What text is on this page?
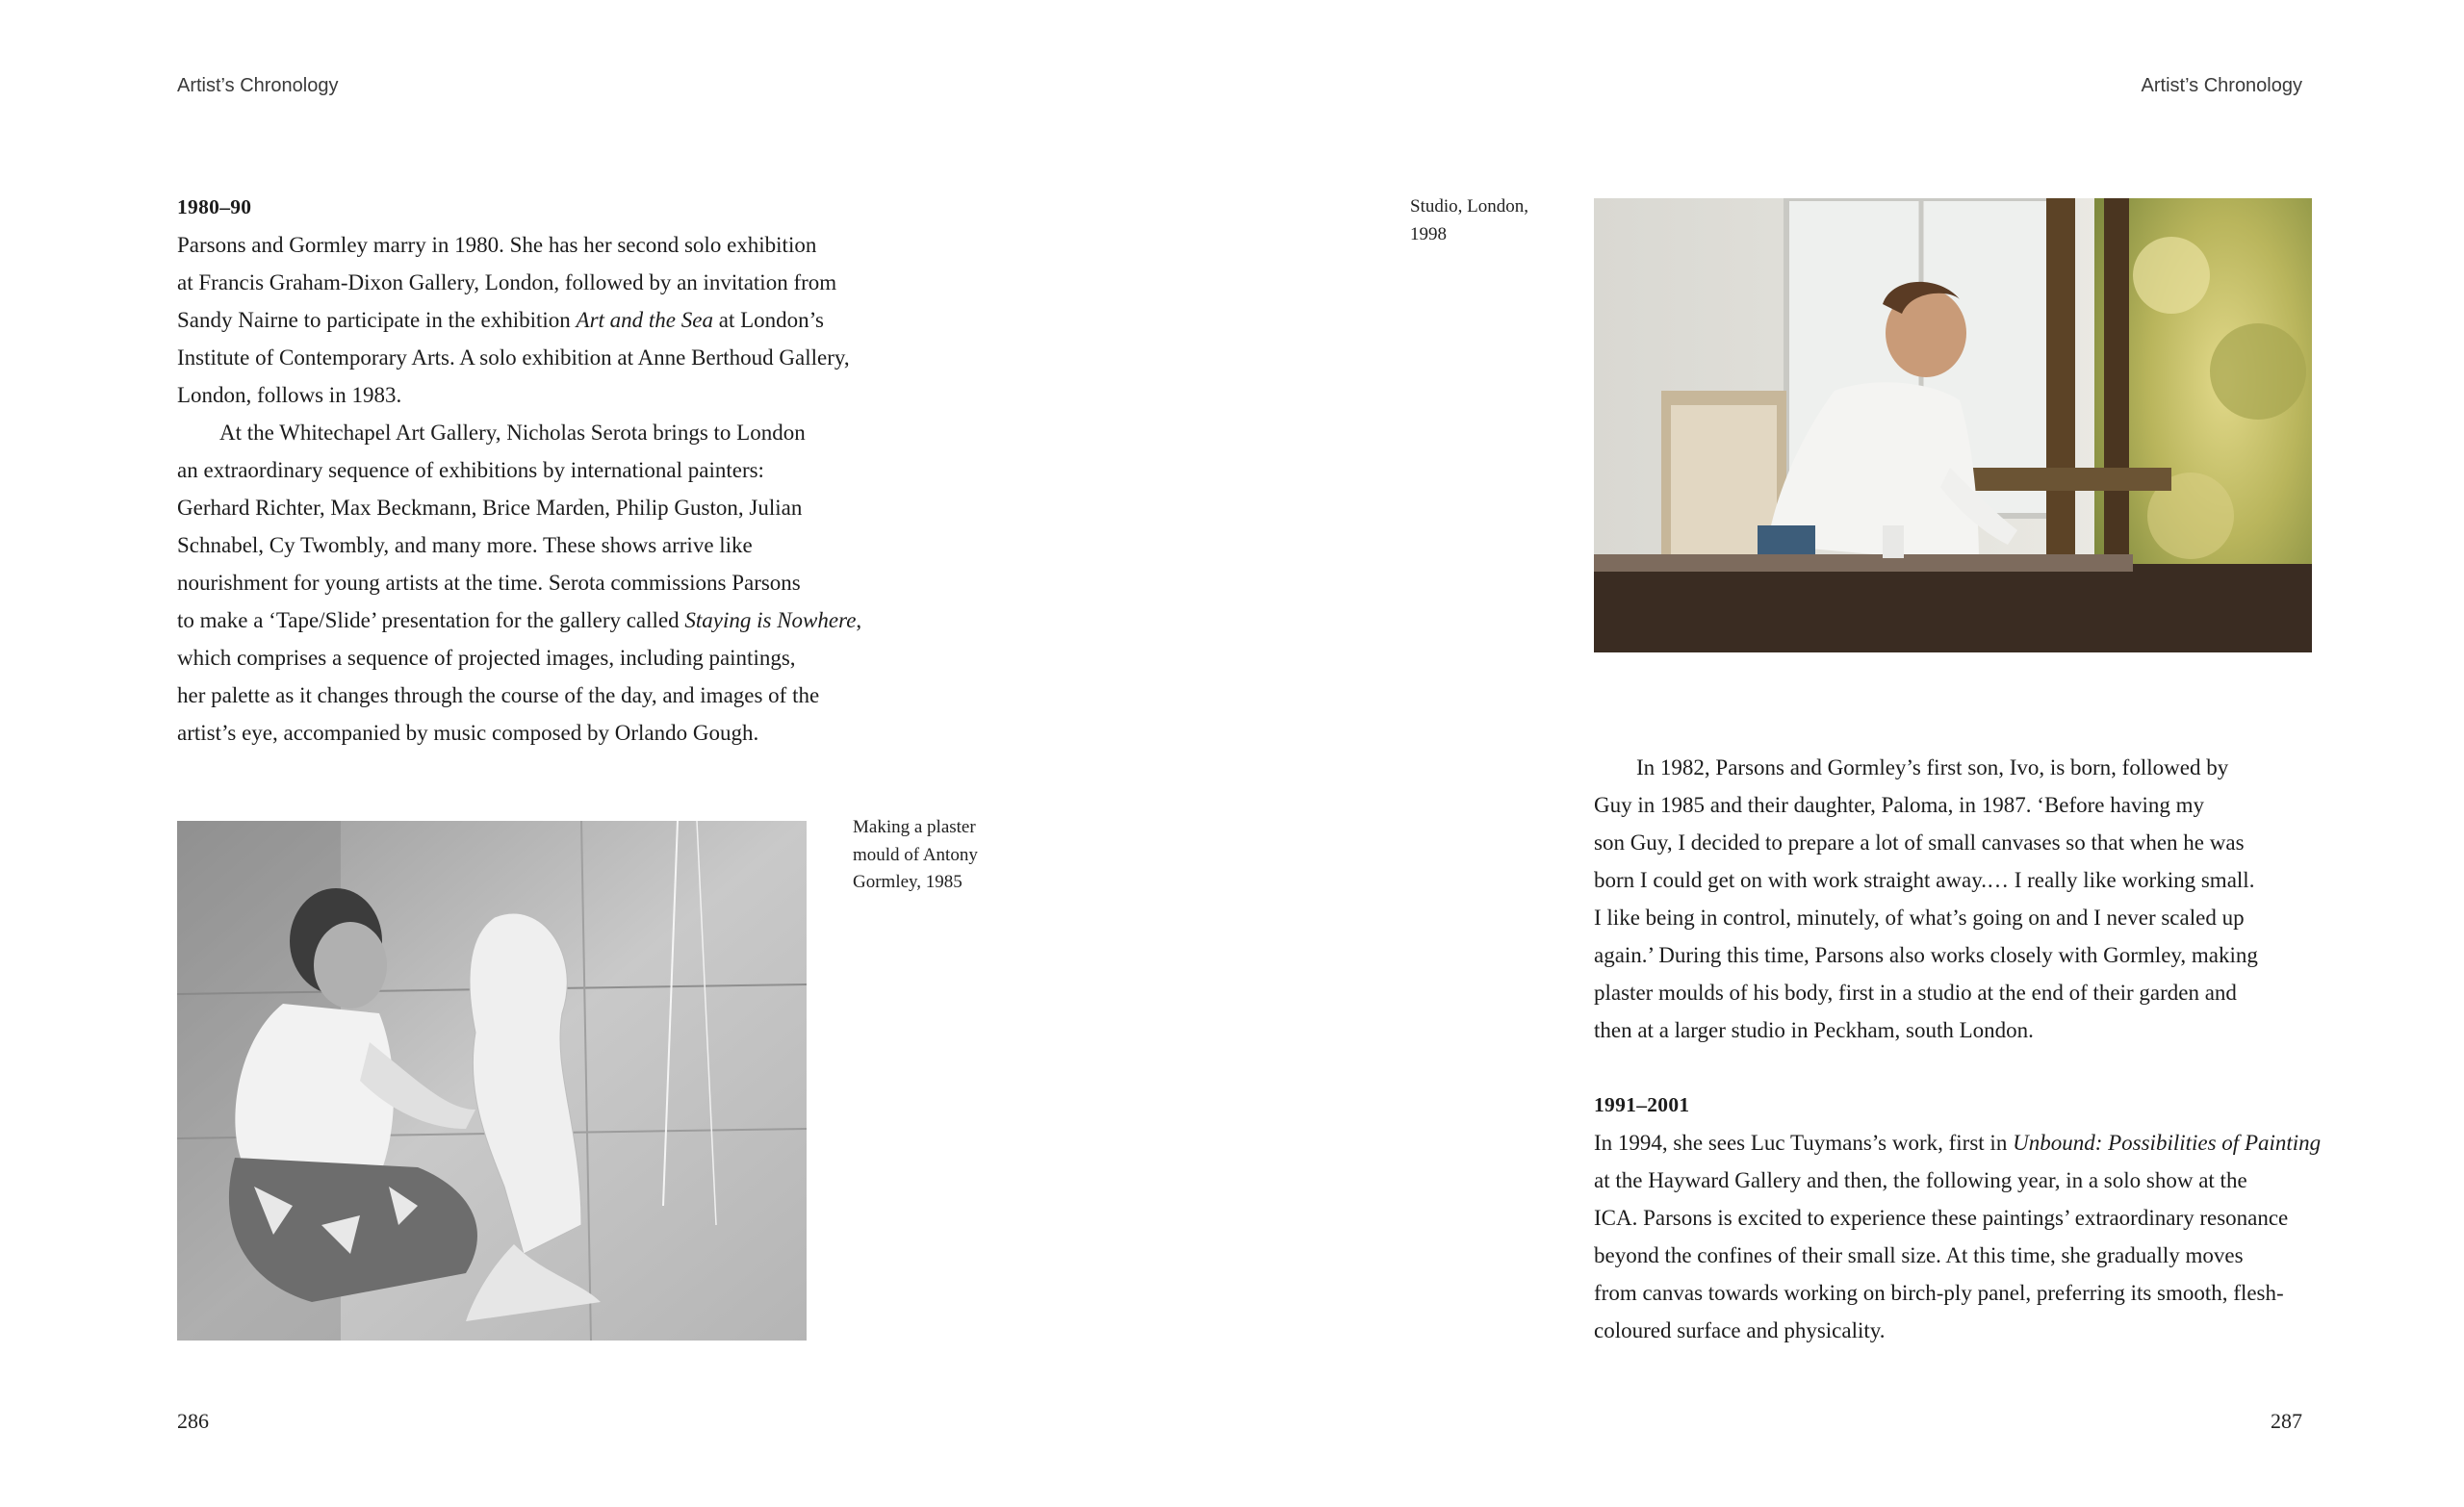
Artist’s Chronology	Artist’s Chronology

1980–90

Parsons and Gormley marry in 1980. She has her second solo exhibition

at Francis Graham-Dixon Gallery, London, followed by an invitation from

Sandy Nairne to participate in the exhibition Art and the Sea at London’s

Institute of Contemporary Arts. A solo exhibition at Anne Berthoud Gallery,

London, follows in 1983.

At the Whitechapel Art Gallery, Nicholas Serota brings to London

an extraordinary sequence of exhibitions by international painters:

Gerhard Richter, Max Beckmann, Brice Marden, Philip Guston, Julian

Schnabel, Cy Twombly, and many more. These shows arrive like

nourishment for young artists at the time. Serota commissions Parsons

to make a ‘Tape/Slide’ presentation for the gallery called Staying is Nowhere,

which comprises a sequence of projected images, including paintings,

her palette as it changes through the course of the day, and images of the

artist’s eye, accompanied by music composed by Orlando Gough.

Making a plaster
mould of Antony
Gormley, 1985
Studio, London,
1998

In 1982, Parsons and Gormley’s first son, Ivo, is born, followed by

Guy in 1985 and their daughter, Paloma, in 1987. ‘Before having my

son Guy, I decided to prepare a lot of small canvases so that when he was

born I could get on with work straight away.… I really like working small.

I like being in control, minutely, of what’s going on and I never scaled up

again.’ During this time, Parsons also works closely with Gormley, making

plaster moulds of his body, first in a studio at the end of their garden and

then at a larger studio in Peckham, south London.

1991–2001

In 1994, she sees Luc Tuymans’s work, first in Unbound: Possibilities of Painting

at the Hayward Gallery and then, the following year, in a solo show at the

ICA. Parsons is excited to experience these paintings’ extraordinary resonance

beyond the confines of their small size. At this time, she gradually moves

from canvas towards working on birch-ply panel, preferring its smooth, flesh-

coloured surface and physicality.

286	287
